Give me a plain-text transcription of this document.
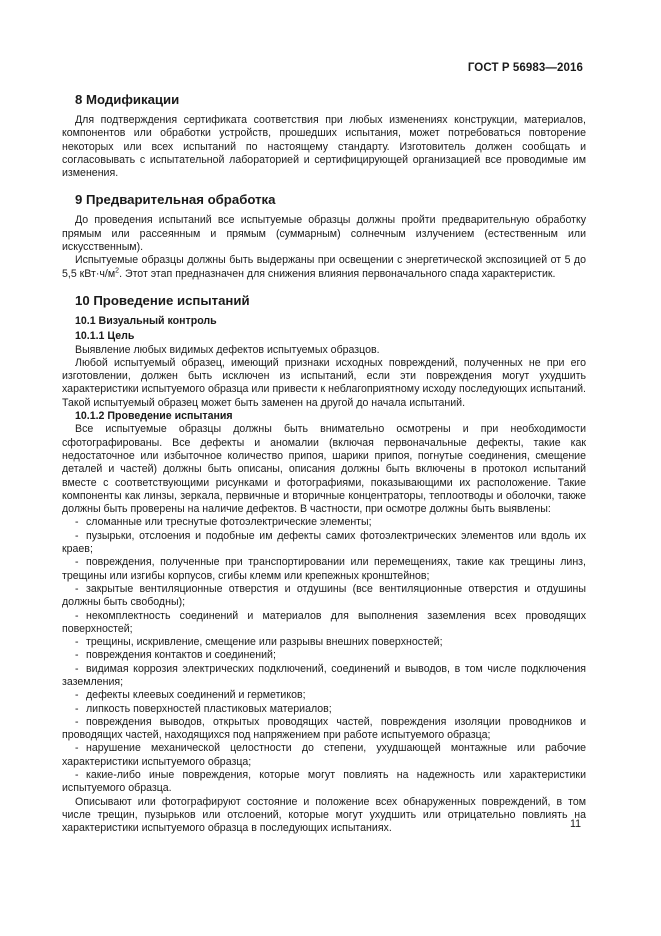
ГОСТ Р 56983—2016
8 Модификации

Для подтверждения сертификата соответствия при любых изменениях конструкции, материалов, компонентов или обработки устройств, прошедших испытания, может потребоваться повторение некоторых или всех испытаний по настоящему стандарту. Изготовитель должен сообщать и согласовывать с испытательной лабораторией и сертифицирующей организацией все проводимые им изменения.

9 Предварительная обработка

До проведения испытаний все испытуемые образцы должны пройти предварительную обработку прямым или рассеянным и прямым (суммарным) солнечным излучением (естественным или искусственным).

Испытуемые образцы должны быть выдержаны при освещении с энергетической экспозицией от 5 до 5,5 $кВт\cdot ч/м^2$. Этот этап предназначен для снижения влияния первоначального спада характеристик.

10 Проведение испытаний
10.1 Визуальный контроль
10.1.1 Цель

Выявление любых видимых дефектов испытуемых образцов.

Любой испытуемый образец, имеющий признаки исходных повреждений, полученных не при его изготовлении, должен быть исключен из испытаний, если эти повреждения могут ухудшить характеристики испытуемого образца или привести к неблагоприятному исходу последующих испытаний. Такой испытуемый образец может быть заменен на другой до начала испытаний.

10.1.2 Проведение испытания

Все испытуемые образцы должны быть внимательно осмотрены и при необходимости сфотографированы. Все дефекты и аномалии (включая первоначальные дефекты, такие как недостаточное или избыточное количество припоя, шарики припоя, погнутые соединения, смещение деталей и частей) должны быть описаны, описания должны быть включены в протокол испытаний вместе с соответствующими рисунками и фотографиями, показывающими их расположение. Такие компоненты как линзы, зеркала, первичные и вторичные концентраторы, теплоотводы и оболочки, также должны быть проверены на наличие дефектов. В частности, при осмотре должны быть выявлены:

- сломанные или треснутые фотоэлектрические элементы;
- пузырьки, отслоения и подобные им дефекты самих фотоэлектрических элементов или вдоль их краев;
- повреждения, полученные при транспортировании или перемещениях, такие как трещины линз, трещины или изгибы корпусов, сгибы клемм или крепежных кронштейнов;
- закрытые вентиляционные отверстия и отдушины (все вентиляционные отверстия и отдушины должны быть свободны);
- некомплектность соединений и материалов для выполнения заземления всех проводящих поверхностей;
- трещины, искривление, смещение или разрывы внешних поверхностей;
- повреждения контактов и соединений;
- видимая коррозия электрических подключений, соединений и выводов, в том числе подключения заземления;
- дефекты клеевых соединений и герметиков;
- липкость поверхностей пластиковых материалов;
- повреждения выводов, открытых проводящих частей, повреждения изоляции проводников и проводящих частей, находящихся под напряжением при работе испытуемого образца;
- нарушение механической целостности до степени, ухудшающей монтажные или рабочие характеристики испытуемого образца;
- какие-либо иные повреждения, которые могут повлиять на надежность или характеристики испытуемого образца.

Описывают или фотографируют состояние и положение всех обнаруженных повреждений, в том числе трещин, пузырьков или отслоений, которые могут ухудшить или отрицательно повлиять на характеристики испытуемого образца в последующих испытаниях.	11
